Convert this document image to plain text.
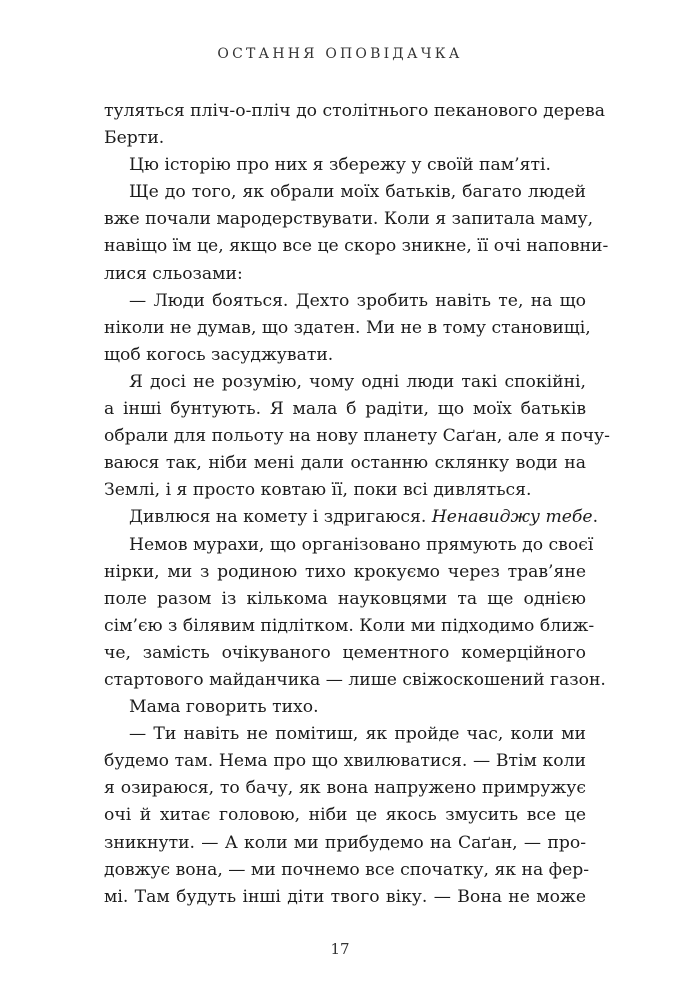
ОСТАННЯ ОПОВІДАЧКА
туляться пліч-о-пліч до столітнього пеканового дерева
Берти.
Цю історію про них я збережу у своїй пам’яті.
Ще до того, як обрали моїх батьків, багато людей
вже почали мародерствувати. Коли я запитала маму,
навіщо їм це, якщо все це скоро зникне, її очі наповни-
лися сльозами:
— Люди бояться. Дехто зробить навіть те, на що
ніколи не думав, що здатен. Ми не в тому становищі,
щоб когось засуджувати.
Я досі не розумію, чому одні люди такі спокійні,
а інші бунтують. Я мала б радіти, що моїх батьків
обрали для польоту на нову планету Саґан, але я почу-
ваюся так, ніби мені дали останню склянку води на
Землі, і я просто ковтаю її, поки всі дивляться.
Дивлюся на комету і здригаюся. Ненавиджу тебе.
Немов мурахи, що організовано прямують до своєї
нірки, ми з родиною тихо крокуємо через трав’яне
поле разом із кількома науковцями та ще однією
сім’єю з білявим підлітком. Коли ми підходимо ближ-
че, замість очікуваного цементного комерційного
стартового майданчика — лише свіжоскошений газон.
Мама говорить тихо.
— Ти навіть не помітиш, як пройде час, коли ми
будемо там. Нема про що хвилюватися. — Втім коли
я озираюся, то бачу, як вона напружено примружує
очі й хитає головою, ніби це якось змусить все це
зникнути. — А коли ми прибудемо на Саґан, — про-
довжує вона, — ми почнемо все спочатку, як на фер-
мі. Там будуть інші діти твого віку. — Вона не може
17
